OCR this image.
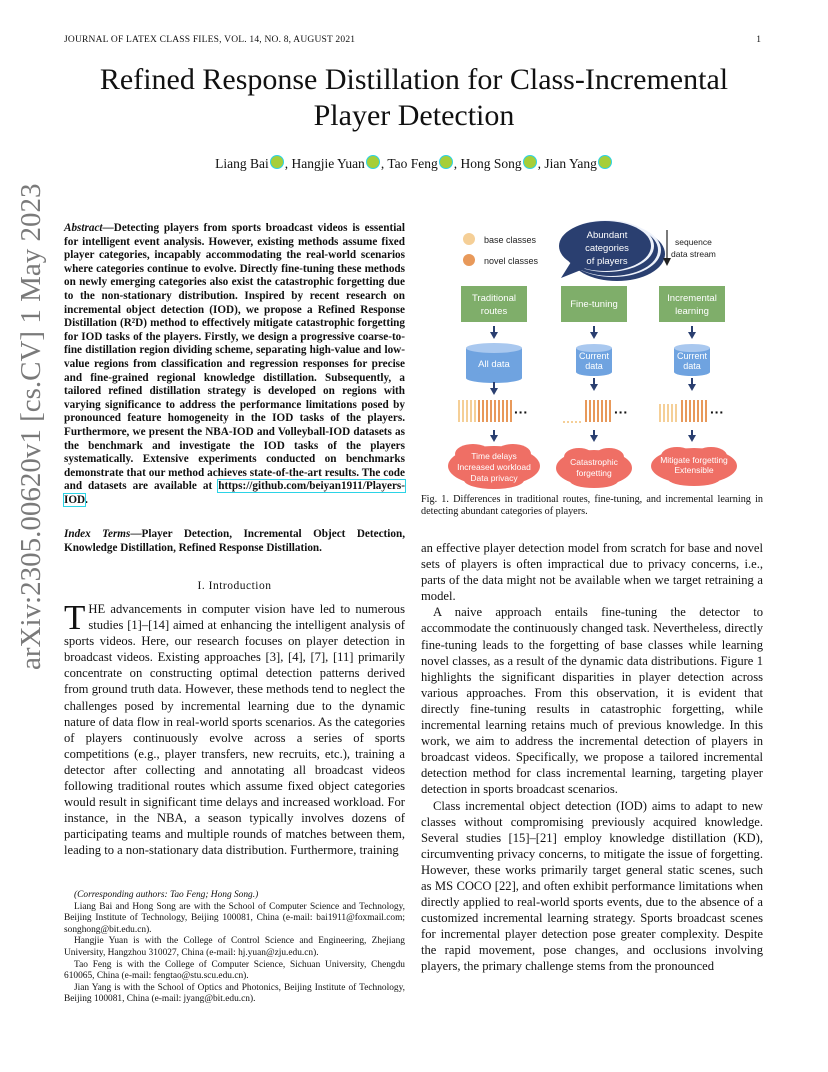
JOURNAL OF LATEX CLASS FILES, VOL. 14, NO. 8, AUGUST 2021	1
arXiv:2305.00620v1 [cs.CV] 1 May 2023
Refined Response Distillation for Class-Incremental
Player Detection
Liang Bai , Hangjie Yuan , Tao Feng , Hong Song , Jian Yang
Abstract—Detecting players from sports broadcast videos is essential for intelligent event analysis. However, existing methods assume fixed player categories, incapably accommodating the real-world scenarios where categories continue to evolve. Directly fine-tuning these methods on newly emerging categories also exist the catastrophic forgetting due to the non-stationary distribution. Inspired by recent research on incremental object detection (IOD), we propose a Refined Response Distillation (R²D) method to effectively mitigate catastrophic forgetting for IOD tasks of the players. Firstly, we design a progressive coarse-to-fine distillation region dividing scheme, separating high-value and low-value regions from classification and regression responses for precise and fine-grained regional knowledge distillation. Subsequently, a tailored refined distillation strategy is developed on regions with varying significance to address the performance limitations posed by pronounced feature homogeneity in the IOD tasks of the players. Furthermore, we present the NBA-IOD and Volleyball-IOD datasets as the benchmark and investigate the IOD tasks of the players systematically. Extensive experiments conducted on benchmarks demonstrate that our method achieves state-of-the-art results. The code and datasets are available at https://github.com/beiyan1911/Players-IOD.
Index Terms—Player Detection, Incremental Object Detection, Knowledge Distillation, Refined Response Distillation.
I. Introduction
THE advancements in computer vision have led to numerous studies [1]–[14] aimed at enhancing the intelligent analysis of sports videos. Here, our research focuses on player detection in broadcast videos. Existing approaches [3], [4], [7], [11] primarily concentrate on constructing optimal detection patterns derived from ground truth data. However, these methods tend to neglect the challenges posed by incremental learning due to the dynamic nature of data flow in real-world sports scenarios. As the categories of players continuously evolve across a series of sports competitions (e.g., player transfers, new recruits, etc.), training a detector after collecting and annotating all broadcast videos following traditional routes which assume fixed object categories would result in significant time delays and increased workload. For instance, in the NBA, a season typically involves dozens of participating teams and multiple rounds of matches between them, leading to a non-stationary data distribution. Furthermore, training

(Corresponding authors: Tao Feng; Hong Song.)

Liang Bai and Hong Song are with the School of Computer Science and Technology, Beijing Institute of Technology, Beijing 100081, China (e-mail: bai1911@foxmail.com; songhong@bit.edu.cn).

Hangjie Yuan is with the College of Control Science and Engineering, Zhejiang University, Hangzhou 310027, China (e-mail: hj.yuan@zju.edu.cn).

Tao Feng is with the College of Computer Science, Sichuan University, Chengdu 610065, China (e-mail: fengtao@stu.scu.edu.cn).

Jian Yang is with the School of Optics and Photonics, Beijing Institute of Technology, Beijing 100081, China (e-mail: jyang@bit.edu.cn).

base classes
novel classes
Abundant
categories
of players
sequence
data stream
Traditional
routes
Fine-tuning
Incremental
learning
All data
Current
data
Current
data
···	···	···
Time delays
Increased workload
Data privacy
Catastrophic
forgetting
Mitigate forgetting
Extensible
Fig. 1. Differences in traditional routes, fine-tuning, and incremental learning in detecting abundant categories of players.

an effective player detection model from scratch for base and novel sets of players is often impractical due to privacy concerns, i.e., parts of the data might not be available when we target retraining a model.

A naive approach entails fine-tuning the detector to accommodate the continuously changed task. Nevertheless, directly fine-tuning leads to the forgetting of base classes while learning novel classes, as a result of the dynamic data distributions. Figure 1 highlights the significant disparities in player detection across various approaches. From this observation, it is evident that directly fine-tuning results in catastrophic forgetting, while incremental learning retains much of previous knowledge. In this work, we aim to address the incremental detection of players in broadcast videos. Specifically, we propose a tailored incremental detection method for class incremental learning, targeting player detection in sports broadcast scenarios.

Class incremental object detection (IOD) aims to adapt to new classes without compromising previously acquired knowledge. Several studies [15]–[21] employ knowledge distillation (KD), circumventing privacy concerns, to mitigate the issue of forgetting. However, these works primarily target general static scenes, such as MS COCO [22], and often exhibit performance limitations when directly applied to real-world sports events, due to the absence of a customized incremental learning strategy. Sports broadcast scenes for incremental player detection pose greater complexity. Despite the rapid movement, pose changes, and occlusions involving players, the primary challenge stems from the pronounced
